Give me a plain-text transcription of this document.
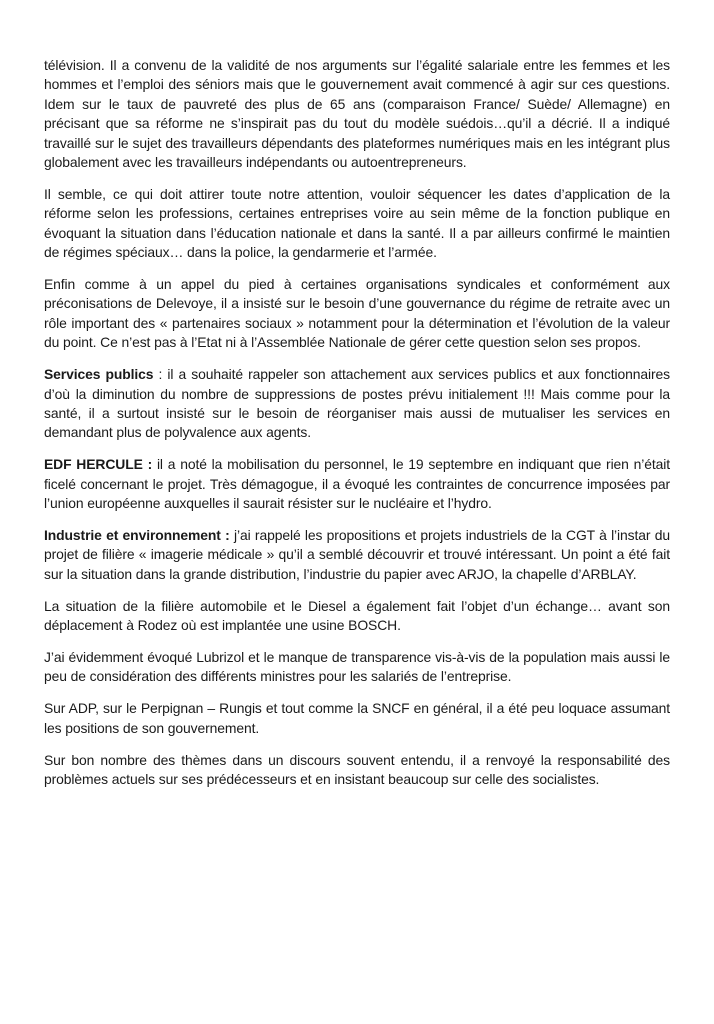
télévision. Il a convenu de la validité de nos arguments sur l’égalité salariale entre les femmes et les hommes et l’emploi des séniors mais que le gouvernement avait commencé à agir sur ces questions. Idem sur le taux de pauvreté des plus de 65 ans (comparaison France/ Suède/ Allemagne) en précisant que sa réforme ne s’inspirait pas du tout du modèle suédois…qu’il a décrié. Il a indiqué travaillé sur le sujet des travailleurs dépendants des plateformes numériques mais en les intégrant plus globalement avec les travailleurs indépendants ou autoentrepreneurs.

Il semble, ce qui doit attirer toute notre attention, vouloir séquencer les dates d’application de la réforme selon les professions, certaines entreprises voire au sein même de la fonction publique en évoquant la situation dans l’éducation nationale et dans la santé. Il a par ailleurs confirmé le maintien de régimes spéciaux… dans la police, la gendarmerie et l’armée.

Enfin comme à un appel du pied à certaines organisations syndicales et conformément aux préconisations de Delevoye, il a insisté sur le besoin d’une gouvernance du régime de retraite avec un rôle important des « partenaires sociaux » notamment pour la détermination et l’évolution de la valeur du point. Ce n’est pas à l’Etat ni à l’Assemblée Nationale de gérer cette question selon ses propos.

Services publics : il a souhaité rappeler son attachement aux services publics et aux fonctionnaires d’où la diminution du nombre de suppressions de postes prévu initialement !!! Mais comme pour la santé, il a surtout insisté sur le besoin de réorganiser mais aussi de mutualiser les services en demandant plus de polyvalence aux agents.

EDF HERCULE : il a noté la mobilisation du personnel, le 19 septembre en indiquant que rien n’était ficelé concernant le projet. Très démagogue, il a évoqué les contraintes de concurrence imposées par l’union européenne auxquelles il saurait résister sur le nucléaire et l’hydro.

Industrie et environnement : j’ai rappelé les propositions et projets industriels de la CGT à l’instar du projet de filière « imagerie médicale » qu’il a semblé découvrir et trouvé intéressant. Un point a été fait sur la situation dans la grande distribution, l’industrie du papier avec ARJO, la chapelle d’ARBLAY.

La situation de la filière automobile et le Diesel a également fait l’objet d’un échange… avant son déplacement à Rodez où est implantée une usine BOSCH.

J’ai évidemment évoqué Lubrizol et le manque de transparence vis-à-vis de la population mais aussi le peu de considération des différents ministres pour les salariés de l’entreprise.

Sur ADP, sur le Perpignan – Rungis et tout comme la SNCF en général, il a été peu loquace assumant les positions de son gouvernement.

Sur bon nombre des thèmes dans un discours souvent entendu, il a renvoyé la responsabilité des problèmes actuels sur ses prédécesseurs et en insistant beaucoup sur celle des socialistes.
